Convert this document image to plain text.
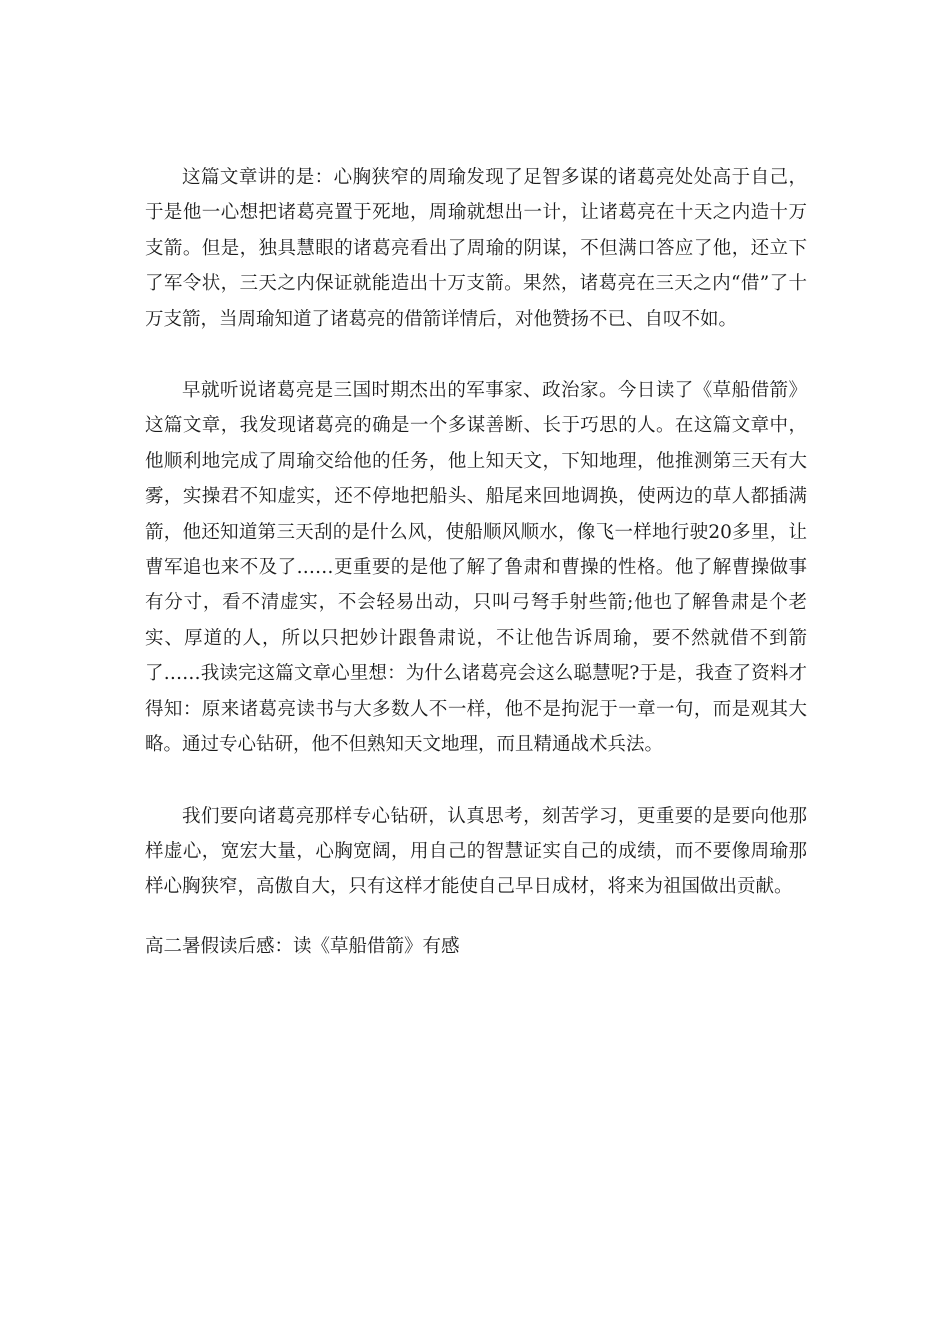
这篇文章讲的是：心胸狭窄的周瑜发现了足智多谋的诸葛亮处处高于自己，于是他一心想把诸葛亮置于死地，周瑜就想出一计，让诸葛亮在十天之内造十万支箭。但是，独具慧眼的诸葛亮看出了周瑜的阴谋，不但满口答应了他，还立下了军令状，三天之内保证就能造出十万支箭。果然，诸葛亮在三天之内“借”了十万支箭，当周瑜知道了诸葛亮的借箭详情后，对他赞扬不已、自叹不如。

早就听说诸葛亮是三国时期杰出的军事家、政治家。今日读了《草船借箭》这篇文章，我发现诸葛亮的确是一个多谋善断、长于巧思的人。在这篇文章中，他顺利地完成了周瑜交给他的任务，他上知天文，下知地理，他推测第三天有大雾，实操君不知虚实，还不停地把船头、船尾来回地调换，使两边的草人都插满箭，他还知道第三天刮的是什么风，使船顺风顺水，像飞一样地行驶20多里，让曹军追也来不及了……更重要的是他了解了鲁肃和曹操的性格。他了解曹操做事有分寸，看不清虚实，不会轻易出动，只叫弓弩手射些箭;他也了解鲁肃是个老实、厚道的人，所以只把妙计跟鲁肃说，不让他告诉周瑜，要不然就借不到箭了……我读完这篇文章心里想：为什么诸葛亮会这么聪慧呢?于是，我查了资料才得知：原来诸葛亮读书与大多数人不一样，他不是拘泥于一章一句，而是观其大略。通过专心钻研，他不但熟知天文地理，而且精通战术兵法。

我们要向诸葛亮那样专心钻研，认真思考，刻苦学习，更重要的是要向他那样虚心，宽宏大量，心胸宽阔，用自己的智慧证实自己的成绩，而不要像周瑜那样心胸狭窄，高傲自大，只有这样才能使自己早日成材，将来为祖国做出贡献。

高二暑假读后感：读《草船借箭》有感
